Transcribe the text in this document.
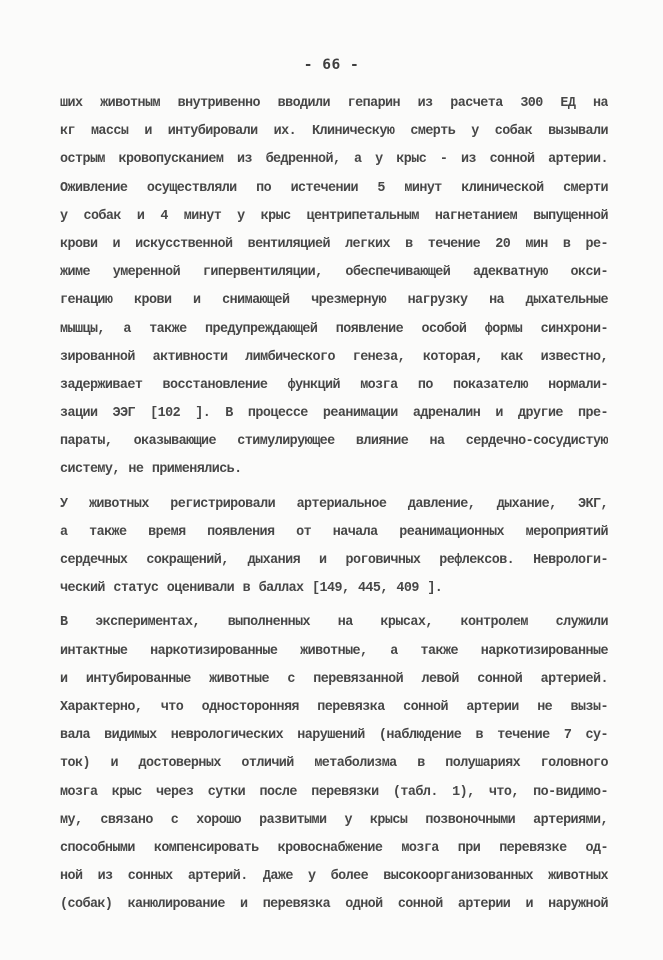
- 66 -
ших животным внутривенно вводили гепарин из расчета 300 ЕД на
кг массы и интубировали их. Клиническую смерть у собак вызывали
острым кровопусканием из бедренной, а у крыс - из сонной артерии.
Оживление осуществляли по истечении 5 минут клинической смерти
у собак и 4 минут у крыс центрипетальным нагнетанием выпущенной
крови и искусственной вентиляцией легких в течение 20 мин в ре-
жиме умеренной гипервентиляции, обеспечивающей адекватную окси-
генацию крови и снимающей чрезмерную нагрузку на дыхательные
мышцы, а также предупреждающей появление особой формы синхрони-
зированной активности лимбического генеза, которая, как известно,
задерживает восстановление функций мозга по показателю нормали-
зации ЭЭГ [102 ]. В процессе реанимации адреналин и другие пре-
параты, оказывающие стимулирующее влияние на сердечно-сосудистую
систему, не применялись.
У животных регистрировали артериальное давление, дыхание, ЭКГ,
а также время появления от начала реанимационных мероприятий
сердечных сокращений, дыхания и роговичных рефлексов. Неврологи-
ческий статус оценивали в баллах [149, 445, 409 ].
В экспериментах, выполненных на крысах, контролем служили
интактные наркотизированные животные, а также наркотизированные
и интубированные животные с перевязанной левой сонной артерией.
Характерно, что односторонняя перевязка сонной артерии не вызы-
вала видимых неврологических нарушений (наблюдение в течение 7 су-
ток) и достоверных отличий метаболизма в полушариях головного
мозга крыс через сутки после перевязки (табл. 1), что, по-видимо-
му, связано с хорошо развитыми у крысы позвоночными артериями,
способными компенсировать кровоснабжение мозга при перевязке од-
ной из сонных артерий. Даже у более высокоорганизованных животных
(собак) канюлирование и перевязка одной сонной артерии и наружной
